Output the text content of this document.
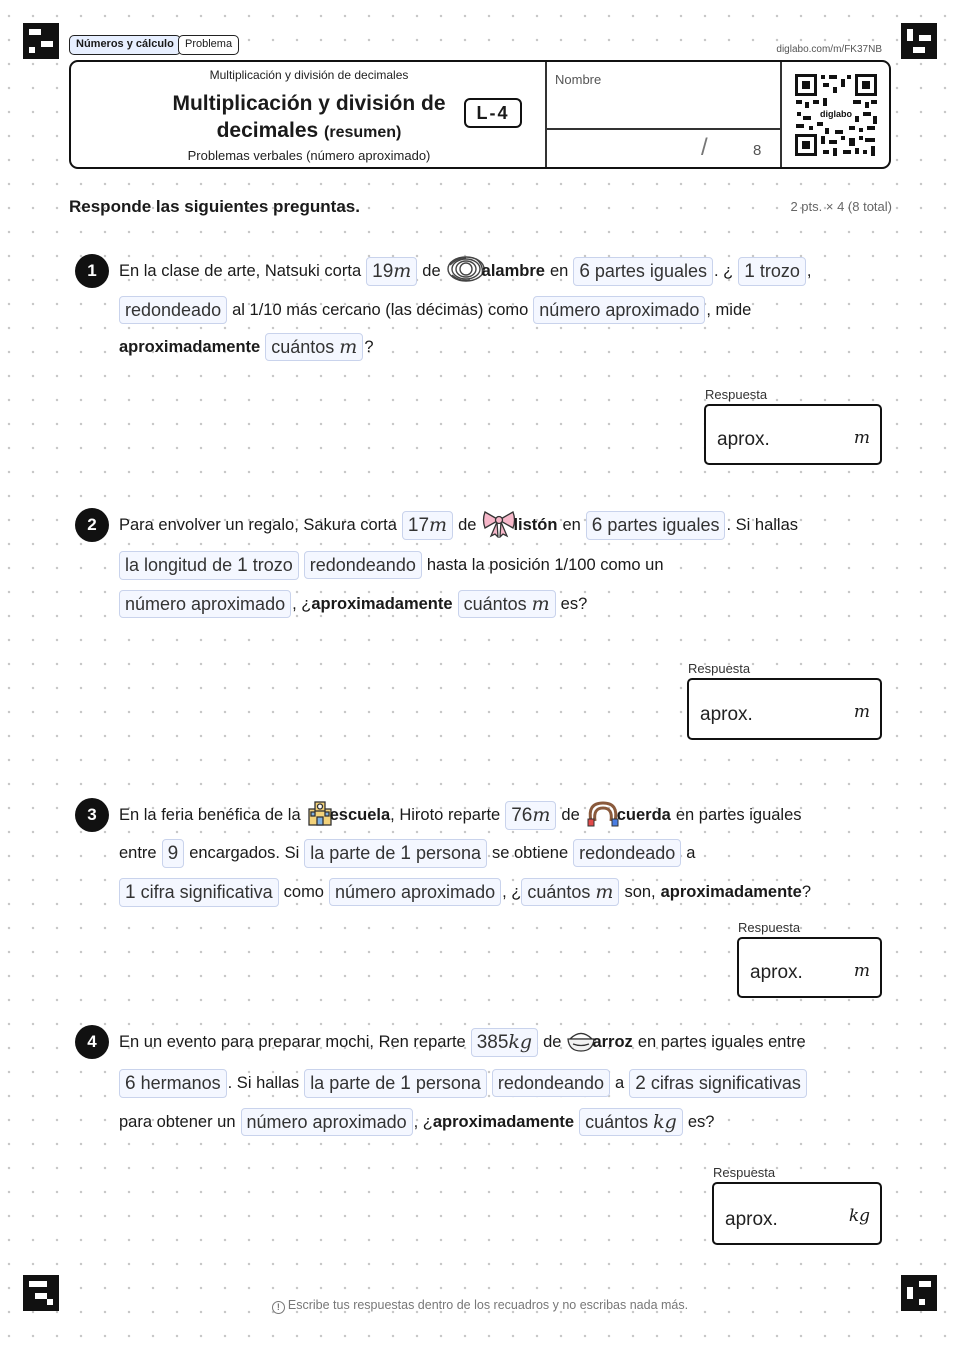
Números y cálculo	Problema	diglabo.com/m/FK37NB
Multiplicación y división de decimales
Multiplicación y división de
decimales (resumen)
L-4
Problemas verbales (número aproximado)
Nombre
/	8
diglabo
Responde las siguientes preguntas.	2 pts. × 4 (8 total)
1	En la clase de arte, Natsuki corta 19m de alambre en 6 partes iguales . ¿ 1 trozo ,
redondeado al 1/10 más cercano (las décimas) como número aproximado , mide
aproximadamente cuántos m ?
Respuesta
aprox.	m
2	Para envolver un regalo, Sakura corta 17m de listón en 6 partes iguales . Si hallas
la longitud de 1 trozo redondeando hasta la posición 1/100 como un
número aproximado , ¿ aproximadamente cuántos m es?
Respuesta
aprox.	m
3	En la feria benéfica de la escuela , Hiroto reparte 76m de cuerda en partes iguales
entre 9 encargados. Si la parte de 1 persona se obtiene redondeado a
1 cifra significativa como número aproximado , ¿ cuántos m son, aproximadamente ?
Respuesta
aprox.	m
4	En un evento para preparar mochi, Ren reparte 385kg de arroz en partes iguales entre
6 hermanos . Si hallas la parte de 1 persona redondeando a 2 cifras significativas
para obtener un número aproximado , ¿ aproximadamente cuántos kg es?
Respuesta
aprox.	kg
! Escribe tus respuestas dentro de los recuadros y no escribas nada más.
